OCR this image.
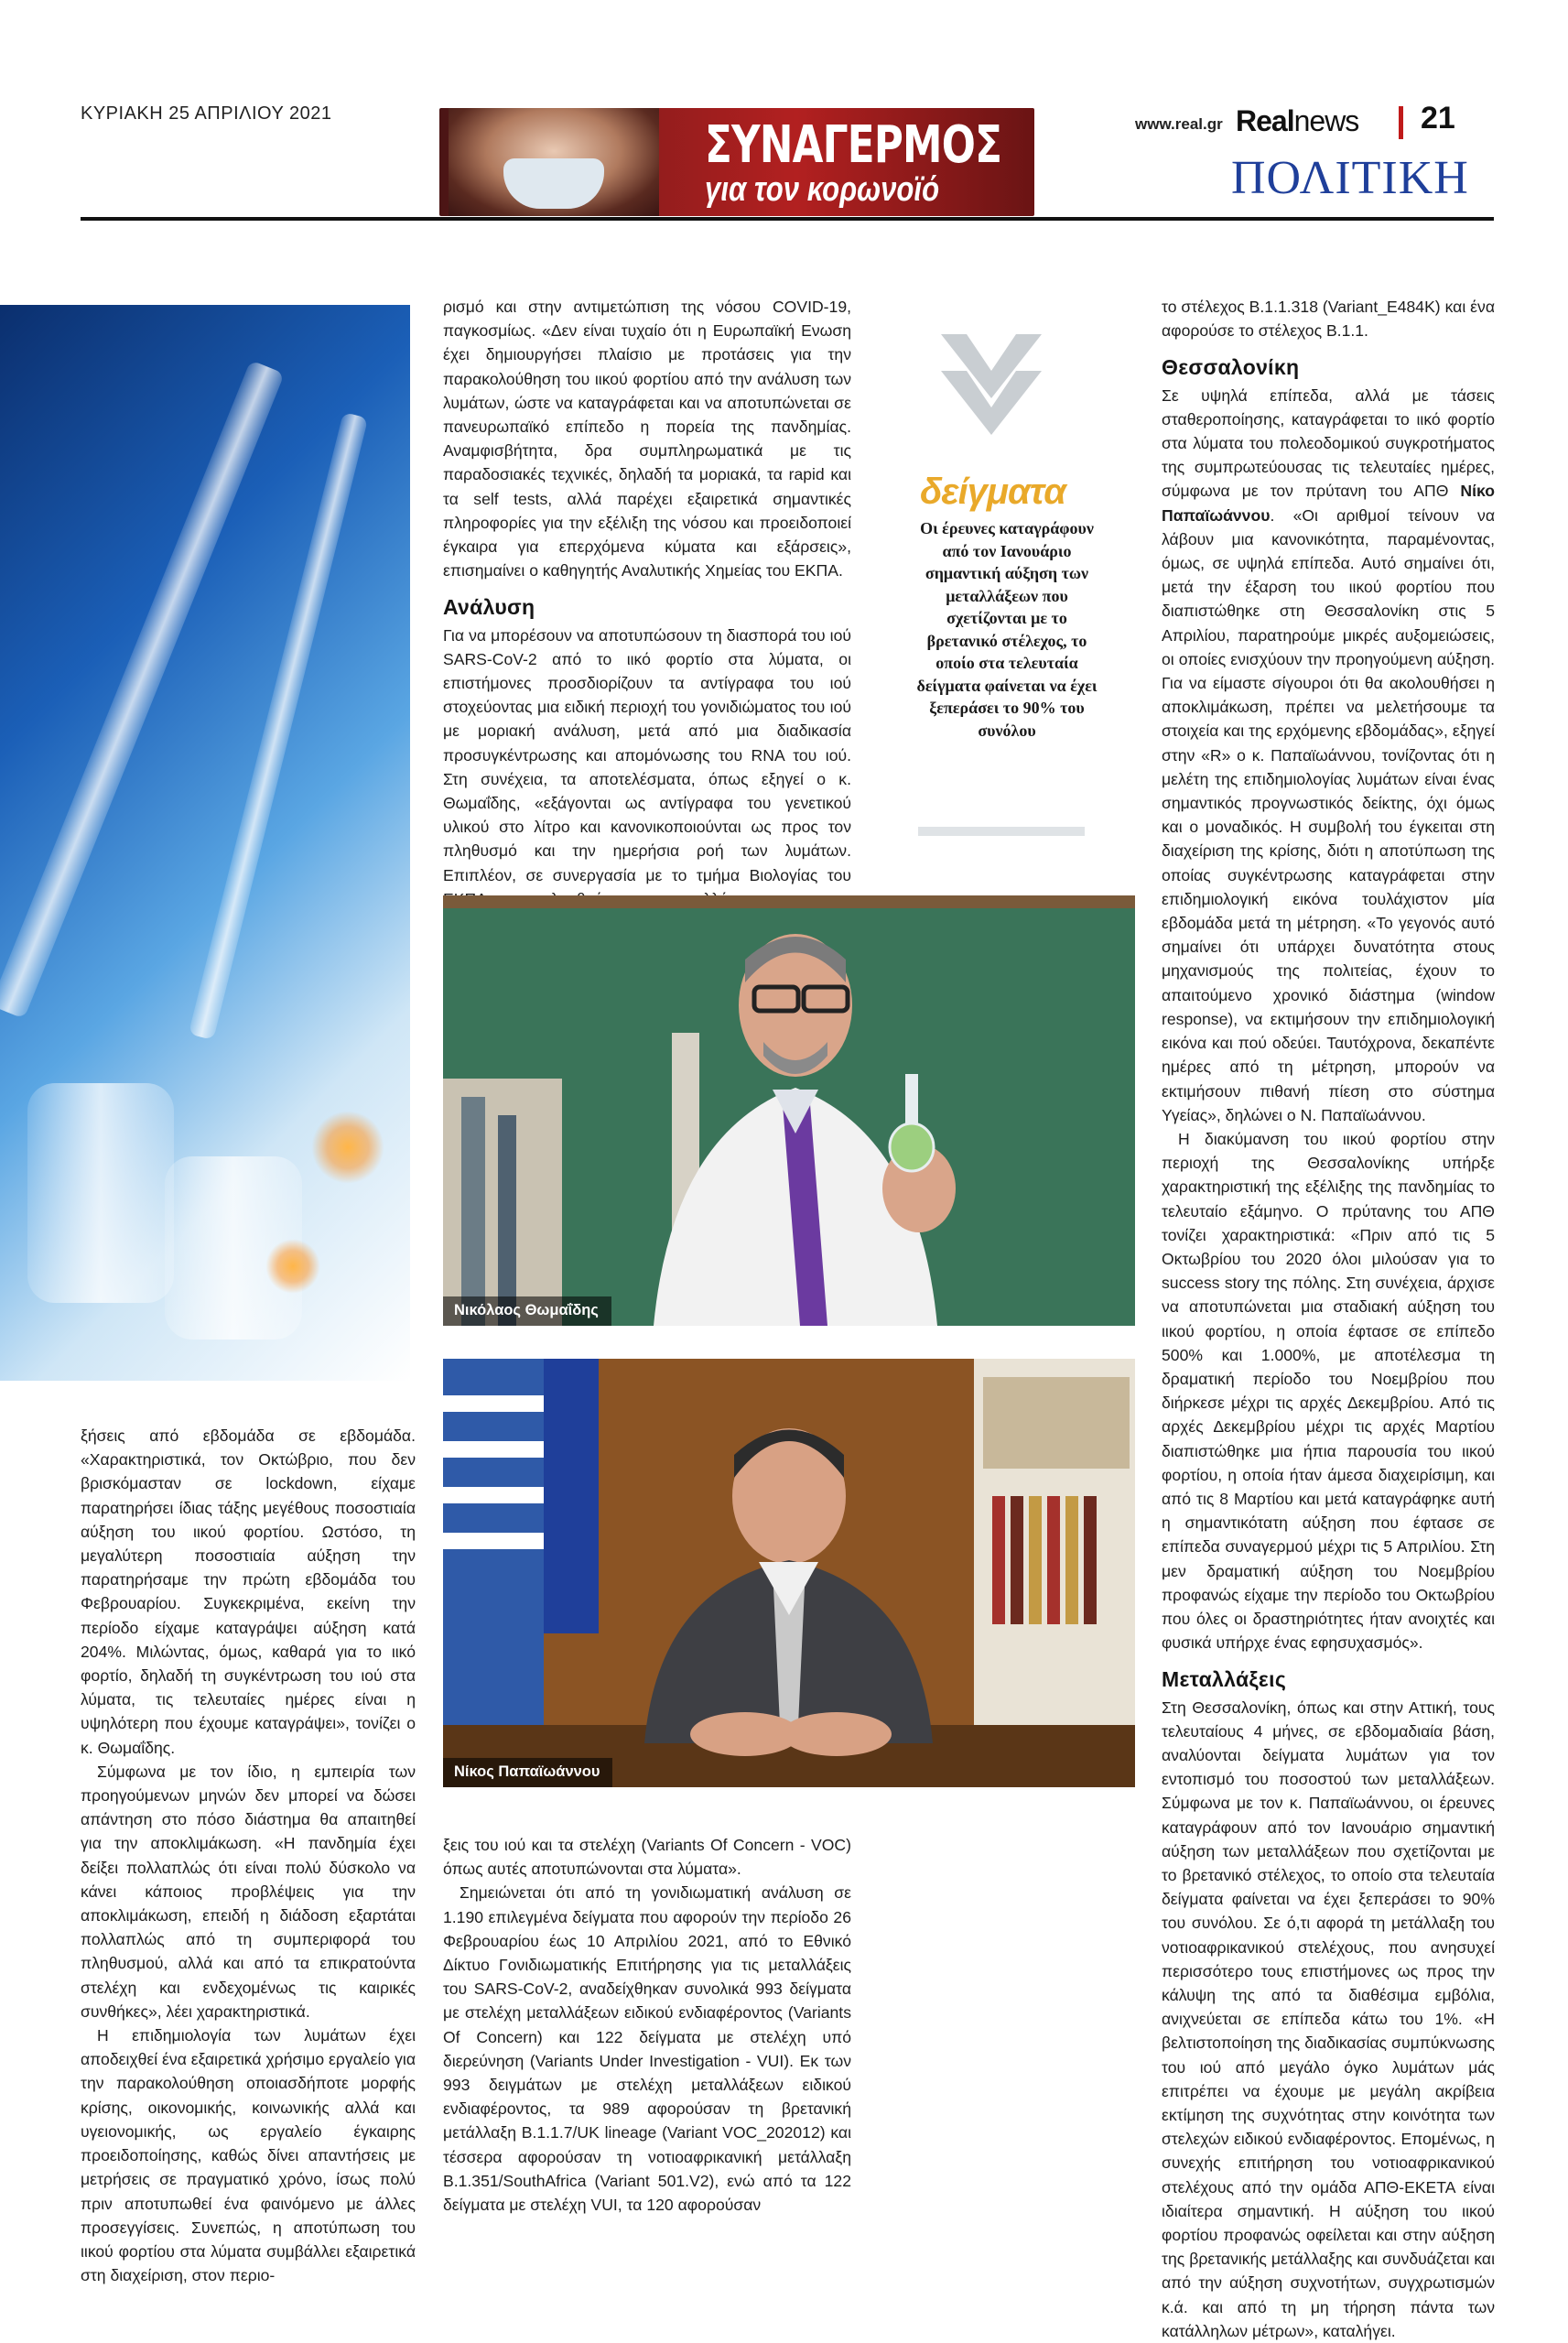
ΚΥΡΙΑΚΗ 25 ΑΠΡΙΛΙΟΥ 2021
ΣΥΝΑΓΕΡΜΟΣ
για τον κορωνοϊό
www.real.gr Realnews 21
ΠΟΛΙΤΙΚΗ

ρισμό και στην αντιμετώπιση της νόσου COVID-19, παγκοσμίως. «Δεν είναι τυχαίο ότι η Ευρωπαϊκή Ενωση έχει δημιουργήσει πλαίσιο με προτάσεις για την παρακολούθηση του ιικού φορτίου από την ανάλυση των λυμάτων, ώστε να καταγράφεται και να αποτυπώνεται σε πανευρωπαϊκό επίπεδο η πορεία της πανδημίας. Αναμφισβήτητα, δρα συμπληρωματικά με τις παραδοσιακές τεχνικές, δηλαδή τα μοριακά, τα rapid και τα self tests, αλλά παρέχει εξαιρετικά σημαντικές πληροφορίες για την εξέλιξη της νόσου και προειδοποιεί έγκαιρα για επερχόμενα κύματα και εξάρσεις», επισημαίνει ο καθηγητής Αναλυτικής Χημείας του ΕΚΠΑ.

Ανάλυση

Για να μπορέσουν να αποτυπώσουν τη διασπορά του ιού SARS-CoV-2 από το ιικό φορτίο στα λύματα, οι επιστήμονες προσδιορίζουν τα αντίγραφα του ιού στοχεύοντας μια ειδική περιοχή του γονιδιώματος του ιού με μοριακή ανάλυση, μετά από μια διαδικασία προσυγκέντρωσης και απομόνωσης του RNA του ιού. Στη συνέχεια, τα αποτελέσματα, όπως εξηγεί ο κ. Θωμαΐδης, «εξάγονται ως αντίγραφα του γενετικού υλικού στο λίτρο και κανονικοποιούνται ως προς τον πληθυσμό και την ημερήσια ροή των λυμάτων. Επιπλέον, σε συνεργασία με το τμήμα Βιολογίας του

δείγματα
Οι έρευνες καταγράφουν από τον Ιανουάριο σημαντική αύξηση των μεταλλάξεων που σχετίζονται με το βρετανικό στέλεχος, το οποίο στα τελευταία δείγματα φαίνεται να έχει ξεπεράσει το 90% του συνόλου
Νικόλαος Θωμαΐδης
Νίκος Παπαϊωάννου

ξήσεις από εβδομάδα σε εβδομάδα. «Χαρακτηριστικά, τον Οκτώβριο, που δεν βρισκόμασταν σε lockdown, είχαμε παρατηρήσει ίδιας τάξης μεγέθους ποσοστιαία αύξηση του ιικού φορτίου. Ωστόσο, τη μεγαλύτερη ποσοστιαία αύξηση την παρατηρήσαμε την πρώτη εβδομάδα του Φεβρουαρίου. Συγκεκριμένα, εκείνη την περίοδο είχαμε καταγράψει αύξηση κατά 204%. Μιλώντας, όμως, καθαρά για το ιικό φορτίο, δηλαδή τη συγκέντρωση του ιού στα λύματα, τις τελευταίες ημέρες είναι η υψηλότερη που έχουμε καταγράψει», τονίζει ο κ. Θωμαΐδης.

Σύμφωνα με τον ίδιο, η εμπειρία των προηγούμενων μηνών δεν μπορεί να δώσει απάντηση στο πόσο διάστημα θα απαιτηθεί για την αποκλιμάκωση. «Η πανδημία έχει δείξει πολλαπλώς ότι είναι πολύ δύσκολο να κάνει κάποιος προβλέψεις για την αποκλιμάκωση, επειδή η διάδοση εξαρτάται πολλαπλώς από τη συμπεριφορά του πληθυσμού, αλλά και από τα επικρατούντα στελέχη και ενδεχομένως τις καιρικές συνθήκες», λέει χαρακτηριστικά.

Η επιδημιολογία των λυμάτων έχει αποδειχθεί ένα εξαιρετικά χρήσιμο εργαλείο για την παρακολούθηση οποιασδήποτε μορφής κρίσης, οικονομικής, κοινωνικής αλλά και υγειονομικής, ως εργαλείο έγκαιρης προειδοποίησης, καθώς δίνει απαντήσεις με μετρήσεις σε πραγματικό χρόνο, ίσως πολύ πριν αποτυπωθεί ένα φαινόμενο με άλλες προσεγγίσεις. Συνεπώς, η αποτύπωση του ιικού φορτίου στα λύματα συμβάλλει εξαιρετικά στη διαχείριση, στον περιο-

ξεις του ιού και τα στελέχη (Variants Of Concern - VOC) όπως αυτές αποτυπώνονται στα λύματα».

Σημειώνεται ότι από τη γονιδιωματική ανάλυση σε 1.190 επιλεγμένα δείγματα που αφορούν την περίοδο 26 Φεβρουαρίου έως 10 Απριλίου 2021, από το Εθνικό Δίκτυο Γονιδιωματικής Επιτήρησης για τις μεταλλάξεις του SARS-CoV-2, αναδείχθηκαν συνολικά 993 δείγματα με στελέχη μεταλλάξεων ειδικού ενδιαφέροντος (Variants Of Concern) και 122 δείγματα με στελέχη υπό διερεύνηση (Variants Under Investigation - VUI). Εκ των 993 δειγμάτων με στελέχη μεταλλάξεων ειδικού ενδιαφέροντος, τα 989 αφορούσαν τη βρετανική μετάλλαξη B.1.1.7/UK lineage (Variant VOC_202012) και τέσσερα αφορούσαν τη νοτιοαφρικανική μετάλλαξη B.1.351/SouthAfrica (Variant 501.V2), ενώ από τα 122 δείγματα με στελέχη VUI, τα 120 αφορούσαν

το στέλεχος B.1.1.318 (Variant_E484K) και ένα αφορούσε το στέλεχος B.1.1.

Θεσσαλονίκη

Σε υψηλά επίπεδα, αλλά με τάσεις σταθεροποίησης, καταγράφεται το ιικό φορτίο στα λύματα του πολεοδομικού συγκροτήματος της συμπρωτεύουσας τις τελευταίες ημέρες, σύμφωνα με τον πρύτανη του ΑΠΘ Νίκο Παπαϊωάννου. «Οι αριθμοί τείνουν να λάβουν μια κανονικότητα, παραμένοντας, όμως, σε υψηλά επίπεδα. Αυτό σημαίνει ότι, μετά την έξαρση του ιικού φορτίου που διαπιστώθηκε στη Θεσσαλονίκη στις 5 Απριλίου, παρατηρούμε μικρές αυξομειώσεις, οι οποίες ενισχύουν την προηγούμενη αύξηση. Για να είμαστε σίγουροι ότι θα ακολουθήσει η αποκλιμάκωση, πρέπει να μελετήσουμε τα στοιχεία και της ερχόμενης εβδομάδας», εξηγεί στην «R» ο κ. Παπαϊωάννου, τονίζοντας ότι η μελέτη της επιδημιολογίας λυμάτων είναι ένας σημαντικός προγνωστικός δείκτης, όχι όμως και ο μοναδικός. Η συμβολή του έγκειται στη διαχείριση της κρίσης, διότι η αποτύπωση της οποίας συγκέντρωσης καταγράφεται στην επιδημιολογική εικόνα τουλάχιστον μία εβδομάδα μετά τη μέτρηση. «Το γεγονός αυτό σημαίνει ότι υπάρχει δυνατότητα στους μηχανισμούς της πολιτείας, έχουν το απαιτούμενο χρονικό διάστημα (window response), να εκτιμήσουν την επιδημιολογική εικόνα και πού οδεύει. Ταυτόχρονα, δεκαπέντε ημέρες από τη μέτρηση, μπορούν να εκτιμήσουν πιθανή πίεση στο σύστημα Υγείας», δηλώνει ο Ν. Παπαϊωάννου.

Η διακύμανση του ιικού φορτίου στην περιοχή της Θεσσαλονίκης υπήρξε χαρακτηριστική της εξέλιξης της πανδημίας το τελευταίο εξάμηνο. Ο πρύτανης του ΑΠΘ τονίζει χαρακτηριστικά: «Πριν από τις 5 Οκτωβρίου του 2020 όλοι μιλούσαν για το success story της πόλης. Στη συνέχεια, άρχισε να αποτυπώνεται μια σταδιακή αύξηση του ιικού φορτίου, η οποία έφτασε σε επίπεδο 500% και 1.000%, με αποτέλεσμα τη δραματική περίοδο του Νοεμβρίου που διήρκεσε μέχρι τις αρχές Δεκεμβρίου. Από τις αρχές Δεκεμβρίου μέχρι τις αρχές Μαρτίου διαπιστώθηκε μια ήπια παρουσία του ιικού φορτίου, η οποία ήταν άμεσα διαχειρίσιμη, και από τις 8 Μαρτίου και μετά καταγράφηκε αυτή η σημαντικότατη αύξηση που έφτασε σε επίπεδα συναγερμού μέχρι τις 5 Απριλίου. Στη μεν δραματική αύξηση του Νοεμβρίου προφανώς είχαμε την περίοδο του Οκτωβρίου που όλες οι δραστηριότητες ήταν ανοιχτές και φυσικά υπήρχε ένας εφησυχασμός».

Μεταλλάξεις

Στη Θεσσαλονίκη, όπως και στην Αττική, τους τελευταίους 4 μήνες, σε εβδομαδιαία βάση, αναλύονται δείγματα λυμάτων για τον εντοπισμό του ποσοστού των μεταλλάξεων. Σύμφωνα με τον κ. Παπαϊωάννου, οι έρευνες καταγράφουν από τον Ιανουάριο σημαντική αύξηση των μεταλλάξεων που σχετίζονται με το βρετανικό στέλεχος, το οποίο στα τελευταία δείγματα φαίνεται να έχει ξεπεράσει το 90% του συνόλου. Σε ό,τι αφορά τη μετάλλαξη του νοτιοαφρικανικού στελέχους, που ανησυχεί περισσότερο τους επιστήμονες ως προς την κάλυψη της από τα διαθέσιμα εμβόλια, ανιχνεύεται σε επίπεδα κάτω του 1%. «Η βελτιστοποίηση της διαδικασίας συμπύκνωσης του ιού από μεγάλο όγκο λυμάτων μάς επιτρέπει να έχουμε με μεγάλη ακρίβεια εκτίμηση της συχνότητας στην κοινότητα των στελεχών ειδικού ενδιαφέροντος. Επομένως, η συνεχής επιτήρηση του νοτιοαφρικανικού στελέχους από την ομάδα ΑΠΘ-ΕΚΕΤΑ είναι ιδιαίτερα σημαντική. Η αύξηση του ιικού φορτίου προφανώς οφείλεται και στην αύξηση της βρετανικής μετάλλαξης και συνδυάζεται και από την αύξηση συχνοτήτων, συγχρωτισμών κ.ά. και από τη μη τήρηση πάντα των κατάλληλων μέτρων», καταλήγει.
